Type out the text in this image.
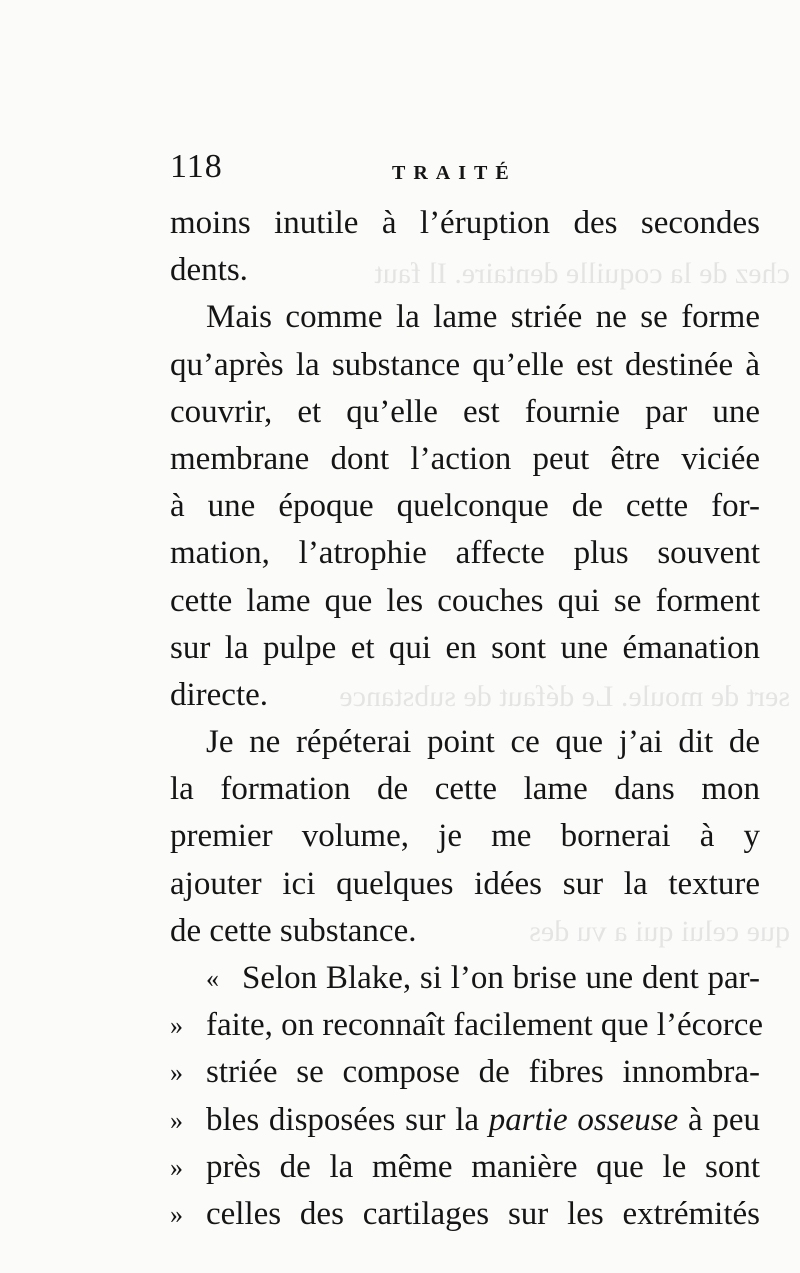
chez de la coquille dentaire. Il faut
sert de moule. Le défaut de substance
que celui qui a vu des
118	TRAITÉ
moins inutile à l’éruption des secondes
dents.
Mais comme la lame striée ne se forme
qu’après la substance qu’elle est destinée à
couvrir, et qu’elle est fournie par une
membrane dont l’action peut être viciée
à une époque quelconque de cette for-
mation, l’atrophie affecte plus souvent
cette lame que les couches qui se forment
sur la pulpe et qui en sont une émanation
directe.
Je ne répéterai point ce que j’ai dit de
la formation de cette lame dans mon
premier volume, je me bornerai à y
ajouter ici quelques idées sur la texture
de cette substance.
« Selon Blake, si l’on brise une dent par-
» faite, on reconnaît facilement que l’écorce
» striée se compose de fibres innombra-
» bles disposées sur la partie osseuse à peu
» près de la même manière que le sont
» celles des cartilages sur les extrémités
